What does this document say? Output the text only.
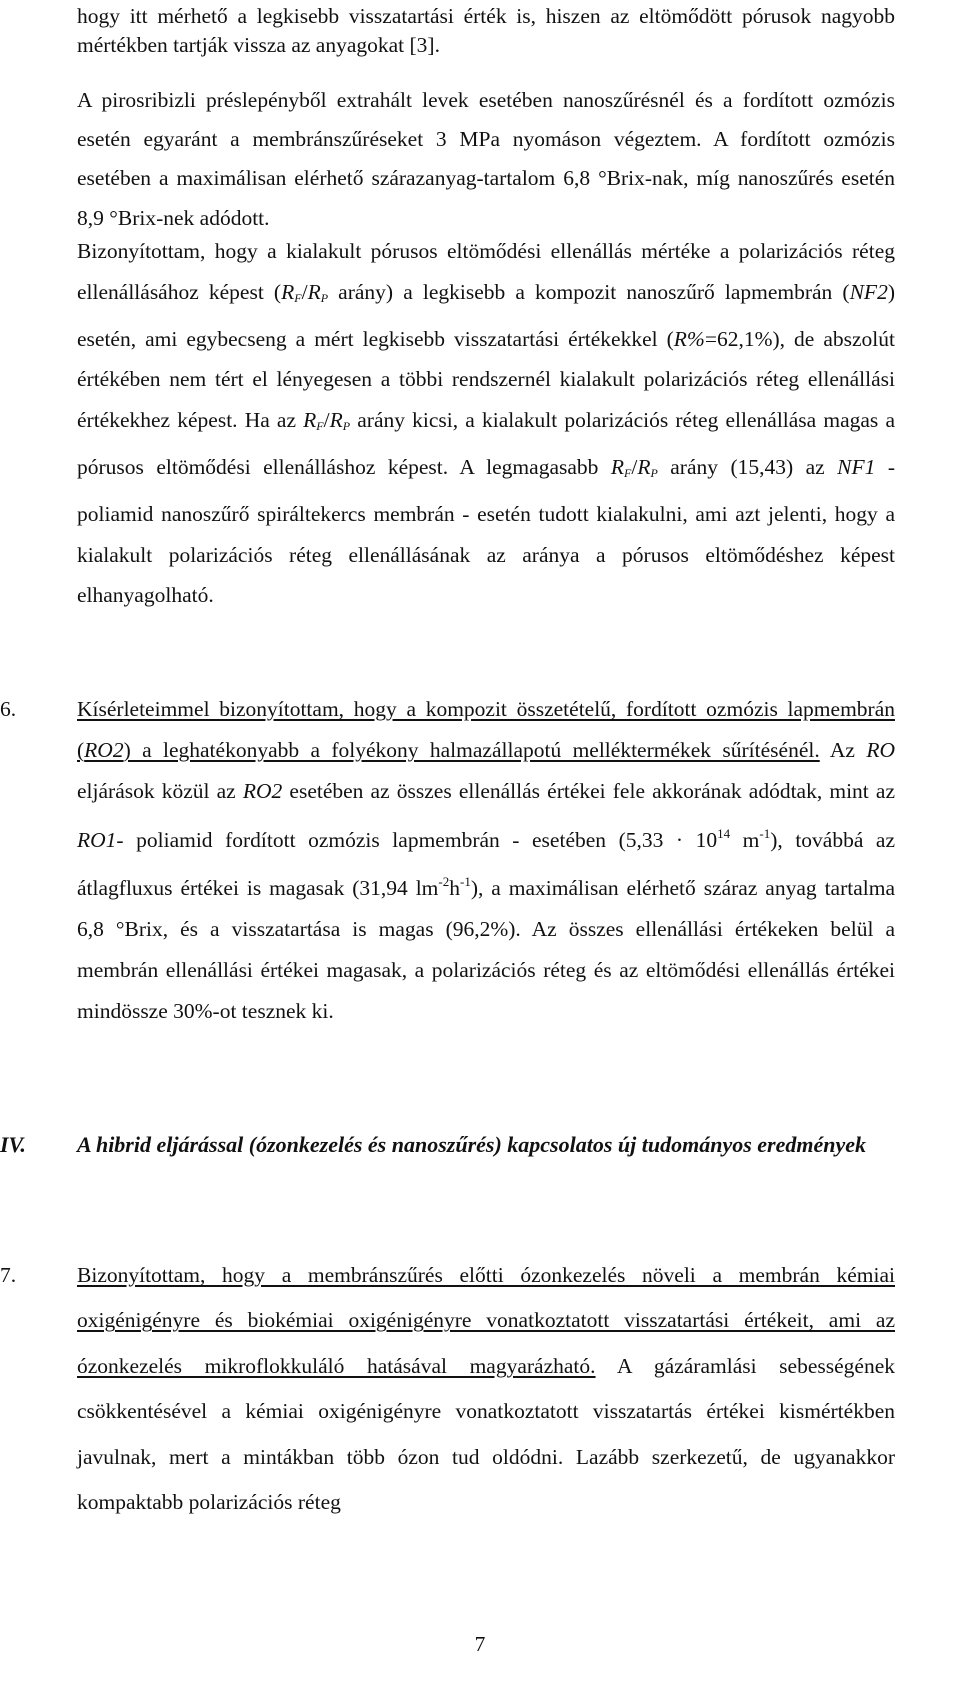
hogy itt mérhető a legkisebb visszatartási érték is, hiszen az eltömődött pórusok nagyobb mértékben tartják vissza az anyagokat [3].

A pirosribizli préslepényből extrahált levek esetében nanoszűrésnél és a fordított ozmózis esetén egyaránt a membránszűréseket 3 MPa nyomáson végeztem. A fordított ozmózis esetében a maximálisan elérhető szárazanyag-tartalom 6,8 °Brix-nak, míg nanoszűrés esetén 8,9 °Brix-nek adódott.

Bizonyítottam, hogy a kialakult pórusos eltömődési ellenállás mértéke a polarizációs réteg ellenállásához képest ($R_F/R_P$ arány) a legkisebb a kompozit nanoszűrő lapmembrán (NF2) esetén, ami egybecseng a mért legkisebb visszatartási értékekkel (R%=62,1%), de abszolút értékében nem tért el lényegesen a többi rendszernél kialakult polarizációs réteg ellenállási értékekhez képest. Ha az $R_F/R_P$ arány kicsi, a kialakult polarizációs réteg ellenállása magas a pórusos eltömődési ellenálláshoz képest. A legmagasabb $R_F/R_P$ arány (15,43) az NF1 - poliamid nanoszűrő spiráltekercs membrán - esetén tudott kialakulni, ami azt jelenti, hogy a kialakult polarizációs réteg ellenállásának az aránya a pórusos eltömődéshez képest elhanyagolható.

6.	Kísérleteimmel bizonyítottam, hogy a kompozit összetételű, fordított ozmózis lapmembrán (RO2) a leghatékonyabb a folyékony halmazállapotú melléktermékek sűrítésénél. Az RO eljárások közül az RO2 esetében az összes ellenállás értékei fele akkorának adódtak, mint az RO1- poliamid fordított ozmózis lapmembrán - esetében ($5,33 \cdot 10^{14}$ $m^{-1}$), továbbá az átlagfluxus értékei is magasak (31,94 $lm^{-2}h^{-1}$), a maximálisan elérhető száraz anyag tartalma 6,8 °Brix, és a visszatartása is magas (96,2%). Az összes ellenállási értékeken belül a membrán ellenállási értékei magasak, a polarizációs réteg és az eltömődési ellenállás értékei mindössze 30%-ot tesznek ki.

IV. A hibrid eljárással (ózonkezelés és nanoszűrés) kapcsolatos új tudományos eredmények
7.	Bizonyítottam, hogy a membránszűrés előtti ózonkezelés növeli a membrán kémiai oxigénigényre és biokémiai oxigénigényre vonatkoztatott visszatartási értékeit, ami az ózonkezelés mikroflokkuláló hatásával magyarázható. A gázáramlási sebességének csökkentésével a kémiai oxigénigényre vonatkoztatott visszatartás értékei kismértékben javulnak, mert a mintákban több ózon tud oldódni. Lazább szerkezetű, de ugyanakkor kompaktabb polarizációs réteg

7
